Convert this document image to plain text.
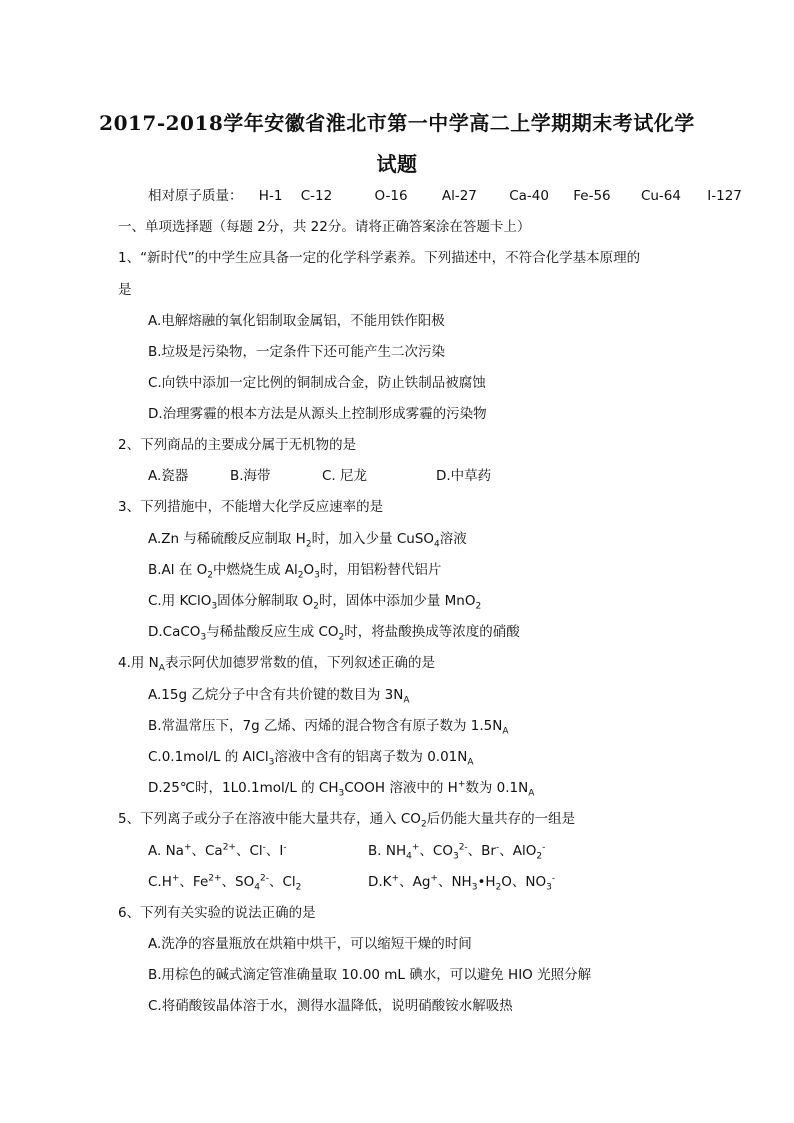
2017-2018学年安徽省淮北市第一中学高二上学期期末考试化学
试题
相对原子质量： H-1 C-12	O-16	Al-27 Ca-40 Fe-56 Cu-64 I-127
一、单项选择题（每题 2分，共 22分。请将正确答案涂在答题卡上）
1、“新时代”的中学生应具备一定的化学科学素养。下列描述中，不符合化学基本原理的
是
A.电解熔融的氧化铝制取金属铝，不能用铁作阳极
B.垃圾是污染物，一定条件下还可能产生二次污染
C.向铁中添加一定比例的铜制成合金，防止铁制品被腐蚀
D.治理雾霾的根本方法是从源头上控制形成雾霾的污染物
2、下列商品的主要成分属于无机物的是
A.瓷器	B.海带	C. 尼龙	D.中草药
3、下列措施中，不能增大化学反应速率的是
A.Zn 与稀硫酸反应制取 $H_2$时，加入少量 CuSO$_4$溶液
B.Al 在 $O_2$中燃烧生成 $Al_2O_3$时，用铝粉替代铝片
C.用 KClO$_3$固体分解制取 $O_2$时，固体中添加少量 MnO$_2$
D.CaCO$_3$与稀盐酸反应生成 $CO_2$时，将盐酸换成等浓度的硝酸
4.用 $N_A$表示阿伏加德罗常数的值，下列叙述正确的是
A.15g 乙烷分子中含有共价键的数目为 $3N_A$
B.常温常压下，7g 乙烯、丙烯的混合物含有原子数为 $1.5N_A$
C.0.1mol/L 的 AlCl$_3$溶液中含有的铝离子数为 $0.01N_A$
D.25℃时，1L0.1mol/L 的 $CH_3COOH$ 溶液中的 H+数为 $0.1N_A$
5、下列离子或分子在溶液中能大量共存，通入 $CO_2$后仍能大量共存的一组是
A. Na+、$Ca^{2+}$、Cl-、I-	B. $NH_4^+$、$CO_3^{2-}$、Br-、AlO$_2$-
C.H+、$Fe^{2+}$、$SO_4^{2-}$、$Cl_2$	D.K+、Ag+、$NH_3•H_2O$、$NO_3^-$
6、下列有关实验的说法正确的是
A.洗净的容量瓶放在烘箱中烘干，可以缩短干燥的时间
B.用棕色的碱式滴定管准确量取 10.00 mL 碘水，可以避免 HIO 光照分解
C.将硝酸铵晶体溶于水，测得水温降低，说明硝酸铵水解吸热
